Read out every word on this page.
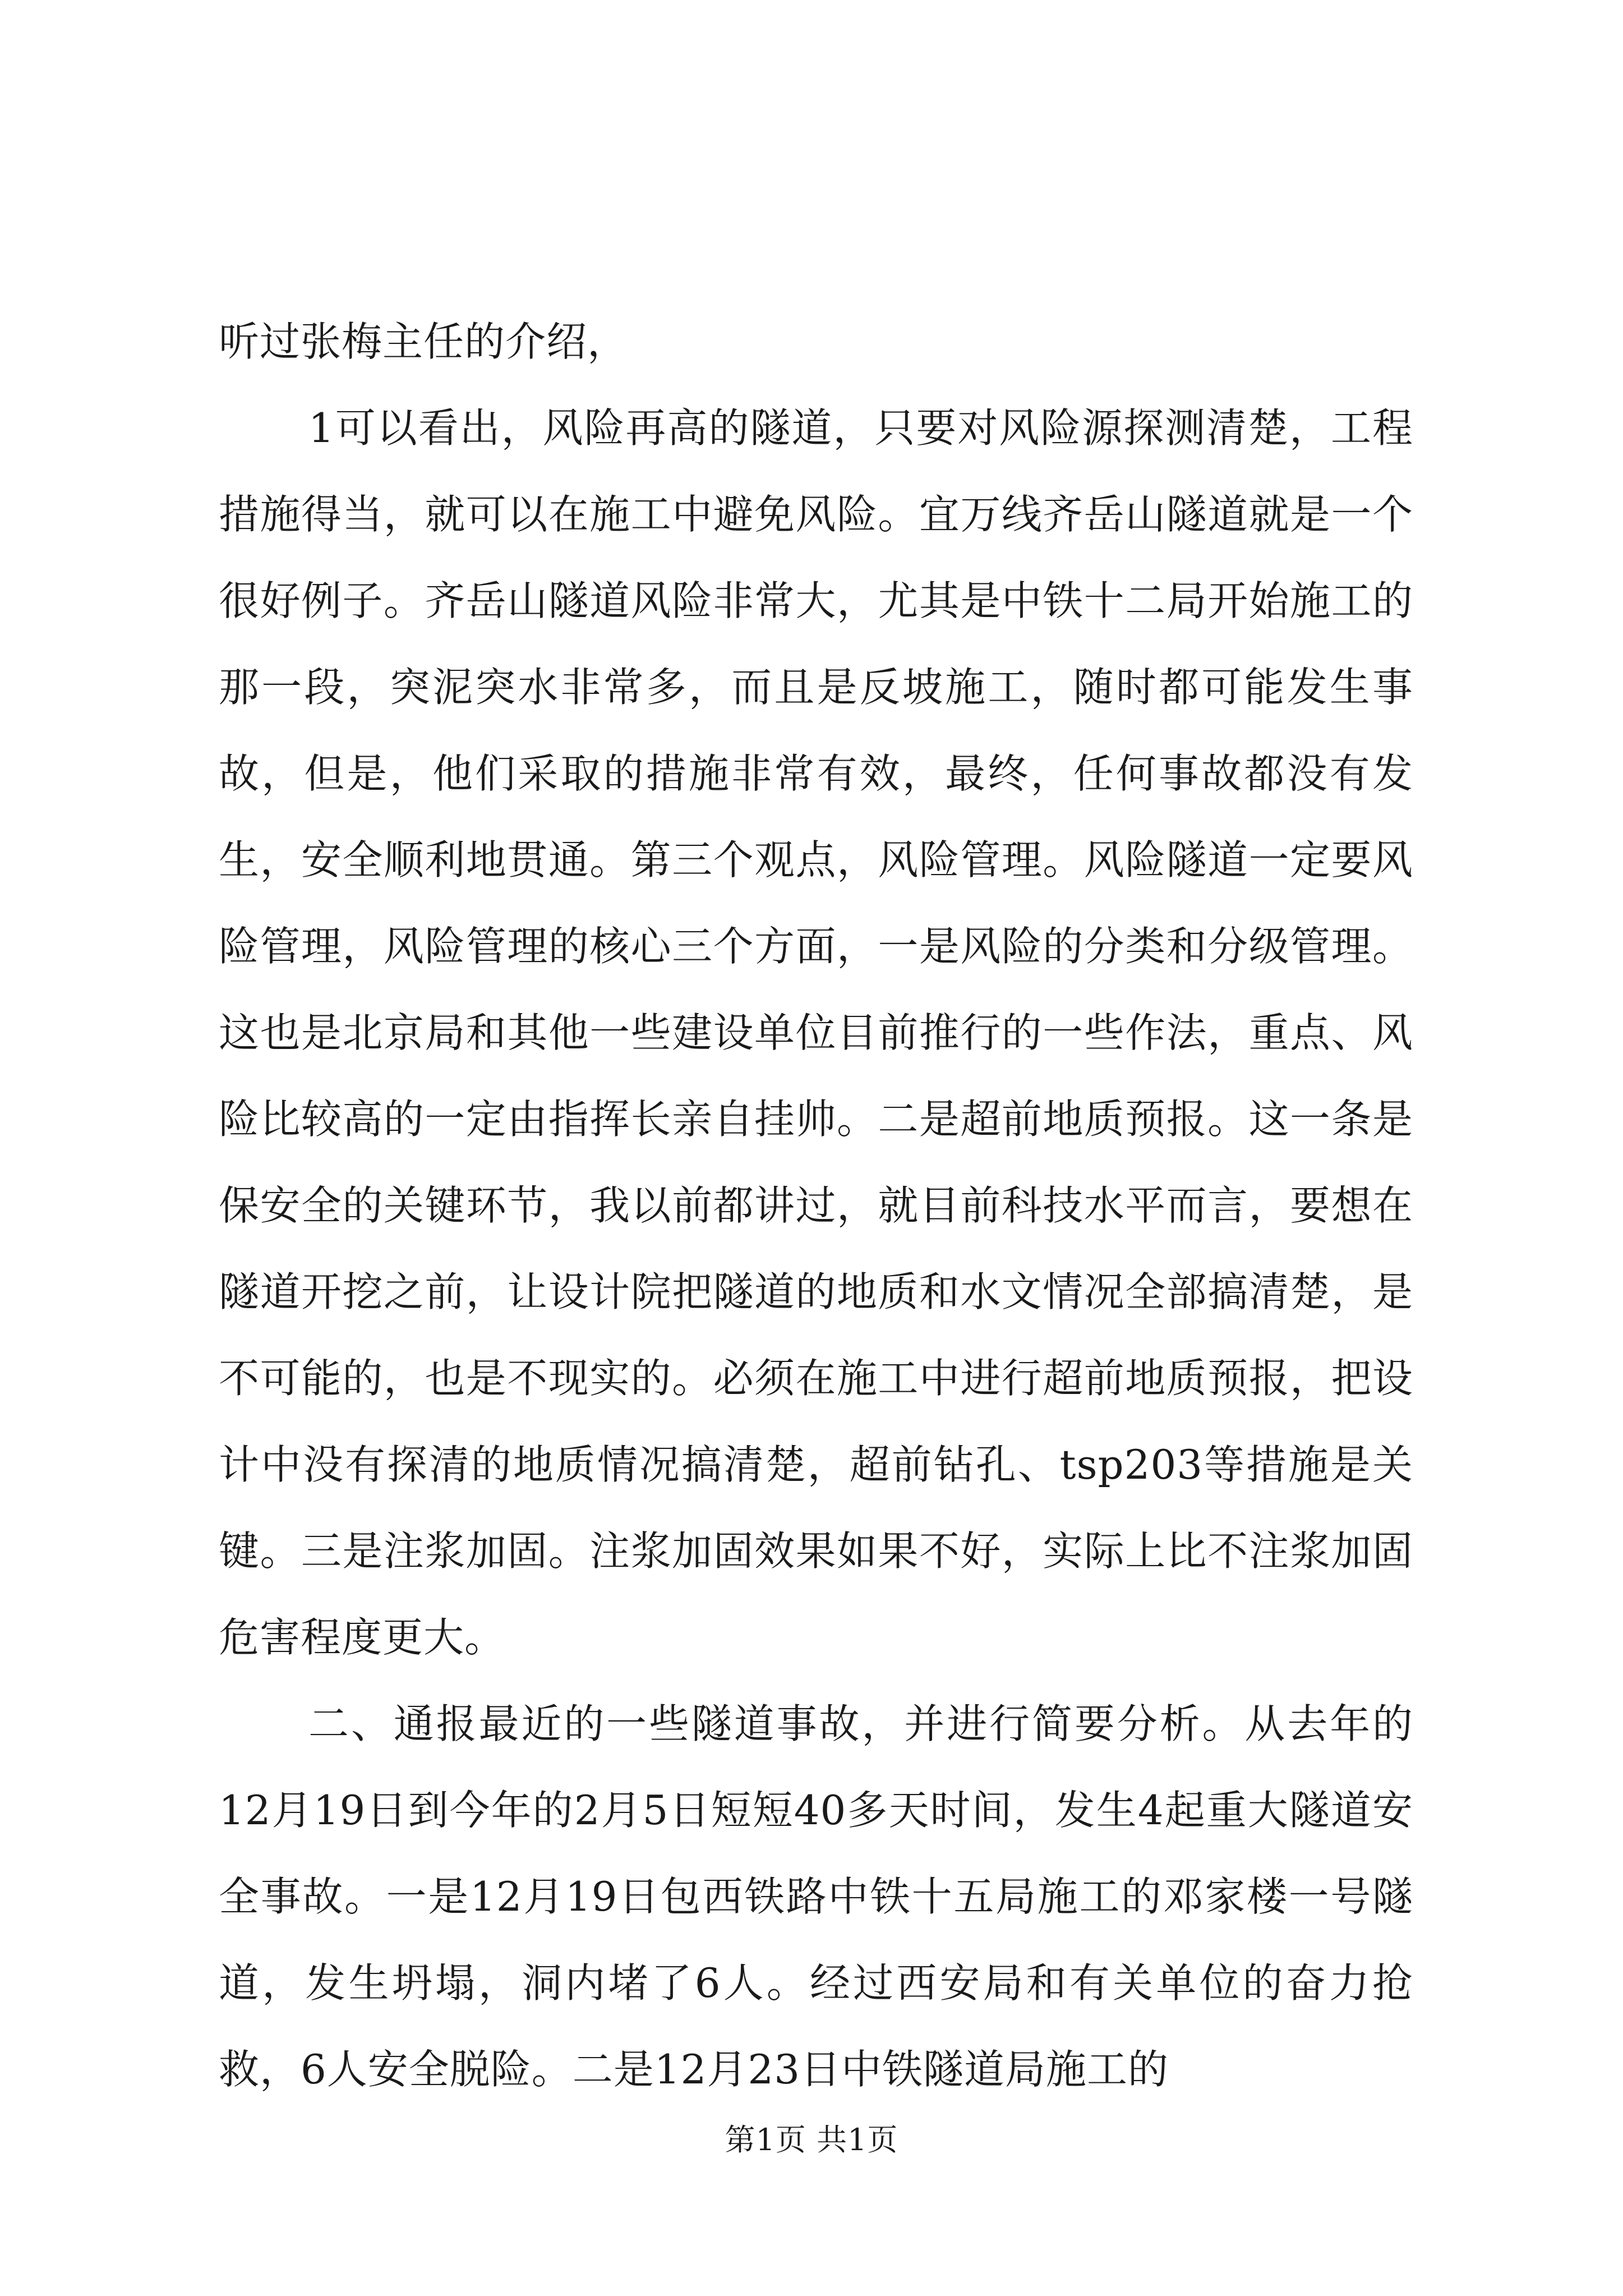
听过张梅主任的介绍，

1可以看出，风险再高的隧道，只要对风险源探测清楚，工程措施得当，就可以在施工中避免风险。宜万线齐岳山隧道就是一个很好例子。齐岳山隧道风险非常大，尤其是中铁十二局开始施工的那一段，突泥突水非常多，而且是反坡施工，随时都可能发生事故，但是，他们采取的措施非常有效，最终，任何事故都没有发生，安全顺利地贯通。第三个观点，风险管理。风险隧道一定要风险管理，风险管理的核心三个方面，一是风险的分类和分级管理。这也是北京局和其他一些建设单位目前推行的一些作法，重点、风险比较高的一定由指挥长亲自挂帅。二是超前地质预报。这一条是保安全的关键环节，我以前都讲过，就目前科技水平而言，要想在隧道开挖之前，让设计院把隧道的地质和水文情况全部搞清楚，是不可能的，也是不现实的。必须在施工中进行超前地质预报，把设计中没有探清的地质情况搞清楚，超前钻孔、tsp203等措施是关键。三是注浆加固。注浆加固效果如果不好，实际上比不注浆加固危害程度更大。

二、通报最近的一些隧道事故，并进行简要分析。从去年的12月19日到今年的2月5日短短40多天时间，发生4起重大隧道安全事故。一是12月19日包西铁路中铁十五局施工的邓家楼一号隧道，发生坍塌，洞内堵了6人。经过西安局和有关单位的奋力抢救，6人安全脱险。二是12月23日中铁隧道局施工的

第1页 共1页
